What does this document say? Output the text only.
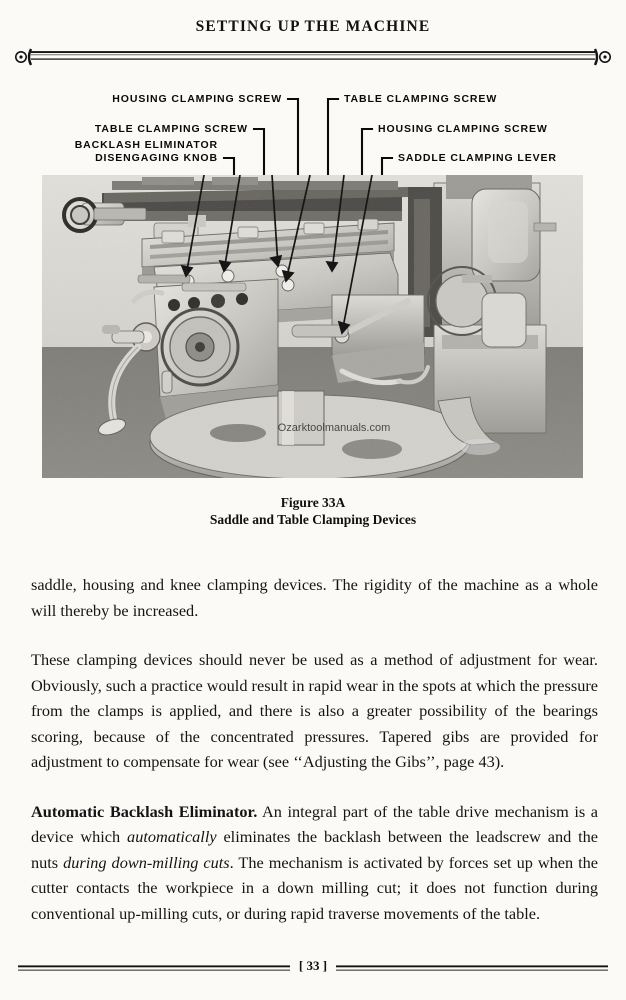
SETTING UP THE MACHINE
HOUSING CLAMPING SCREW
TABLE CLAMPING SCREW
BACKLASH ELIMINATOR
DISENGAGING KNOB
TABLE CLAMPING SCREW
HOUSING CLAMPING SCREW
SADDLE CLAMPING LEVER
Ozarktoolmanuals.com
Figure 33A
Saddle and Table Clamping Devices

saddle, housing and knee clamping devices. The rigidity of the machine as a whole will thereby be increased.

These clamping devices should never be used as a method of adjustment for wear. Obviously, such a practice would result in rapid wear in the spots at which the pressure from the clamps is applied, and there is also a greater possibility of the bearings scoring, because of the concentrated pressures. Tapered gibs are provided for adjustment to compensate for wear (see ‘‘Adjusting the Gibs’’, page 43).

Automatic Backlash Eliminator. An integral part of the table drive mechanism is a device which automatically eliminates the backlash between the leadscrew and the nuts during down-milling cuts. The mechanism is activated by forces set up when the cutter contacts the workpiece in a down milling cut; it does not function during conventional up-milling cuts, or during rapid traverse movements of the table.

[ 33 ]
